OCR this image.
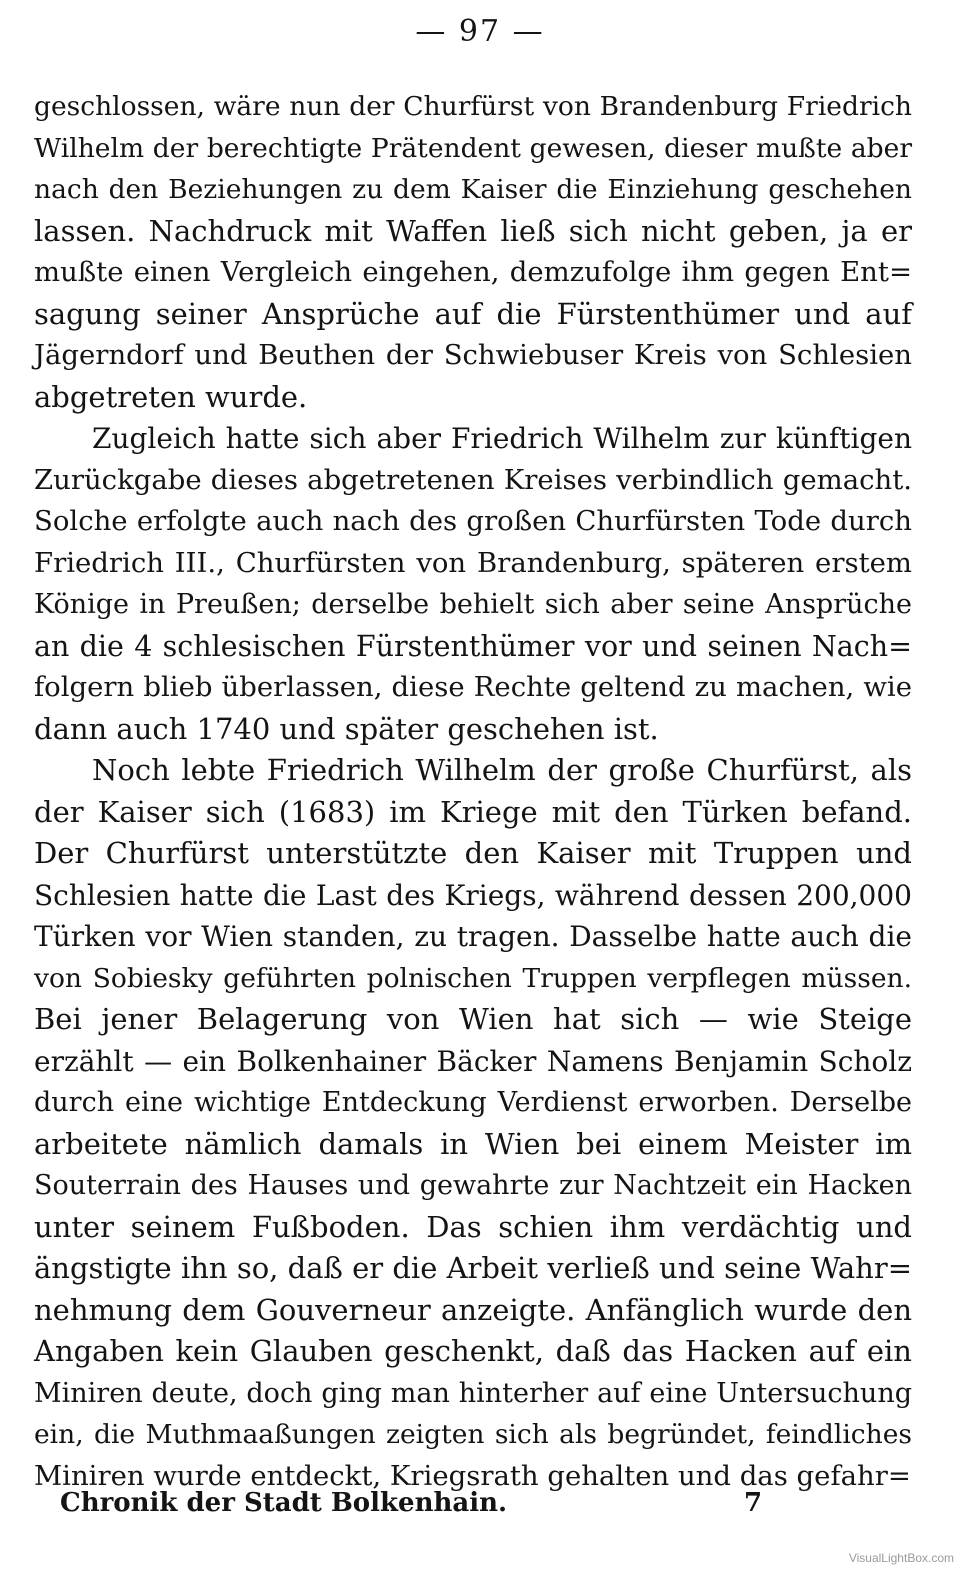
— 97 —
geschlossen, wäre nun der Churfürst von Brandenburg Friedrich
Wilhelm der berechtigte Prätendent gewesen, dieser mußte aber
nach den Beziehungen zu dem Kaiser die Einziehung geschehen
lassen. Nachdruck mit Waffen ließ sich nicht geben, ja er
mußte einen Vergleich eingehen, demzufolge ihm gegen Ent=
sagung seiner Ansprüche auf die Fürstenthümer und auf
Jägerndorf und Beuthen der Schwiebuser Kreis von Schlesien
abgetreten wurde.
Zugleich hatte sich aber Friedrich Wilhelm zur künftigen
Zurückgabe dieses abgetretenen Kreises verbindlich gemacht.
Solche erfolgte auch nach des großen Churfürsten Tode durch
Friedrich III., Churfürsten von Brandenburg, späteren erstem
Könige in Preußen; derselbe behielt sich aber seine Ansprüche
an die 4 schlesischen Fürstenthümer vor und seinen Nach=
folgern blieb überlassen, diese Rechte geltend zu machen, wie
dann auch 1740 und später geschehen ist.
Noch lebte Friedrich Wilhelm der große Churfürst, als
der Kaiser sich (1683) im Kriege mit den Türken befand.
Der Churfürst unterstützte den Kaiser mit Truppen und
Schlesien hatte die Last des Kriegs, während dessen 200,000
Türken vor Wien standen, zu tragen. Dasselbe hatte auch die
von Sobiesky geführten polnischen Truppen verpflegen müssen.
Bei jener Belagerung von Wien hat sich — wie Steige
erzählt — ein Bolkenhainer Bäcker Namens Benjamin Scholz
durch eine wichtige Entdeckung Verdienst erworben. Derselbe
arbeitete nämlich damals in Wien bei einem Meister im
Souterrain des Hauses und gewahrte zur Nachtzeit ein Hacken
unter seinem Fußboden. Das schien ihm verdächtig und
ängstigte ihn so, daß er die Arbeit verließ und seine Wahr=
nehmung dem Gouverneur anzeigte. Anfänglich wurde den
Angaben kein Glauben geschenkt, daß das Hacken auf ein
Miniren deute, doch ging man hinterher auf eine Untersuchung
ein, die Muthmaaßungen zeigten sich als begründet, feindliches
Miniren wurde entdeckt, Kriegsrath gehalten und das gefahr=
Chronik der Stadt Bolkenhain.	7
VisualLightBox.com
